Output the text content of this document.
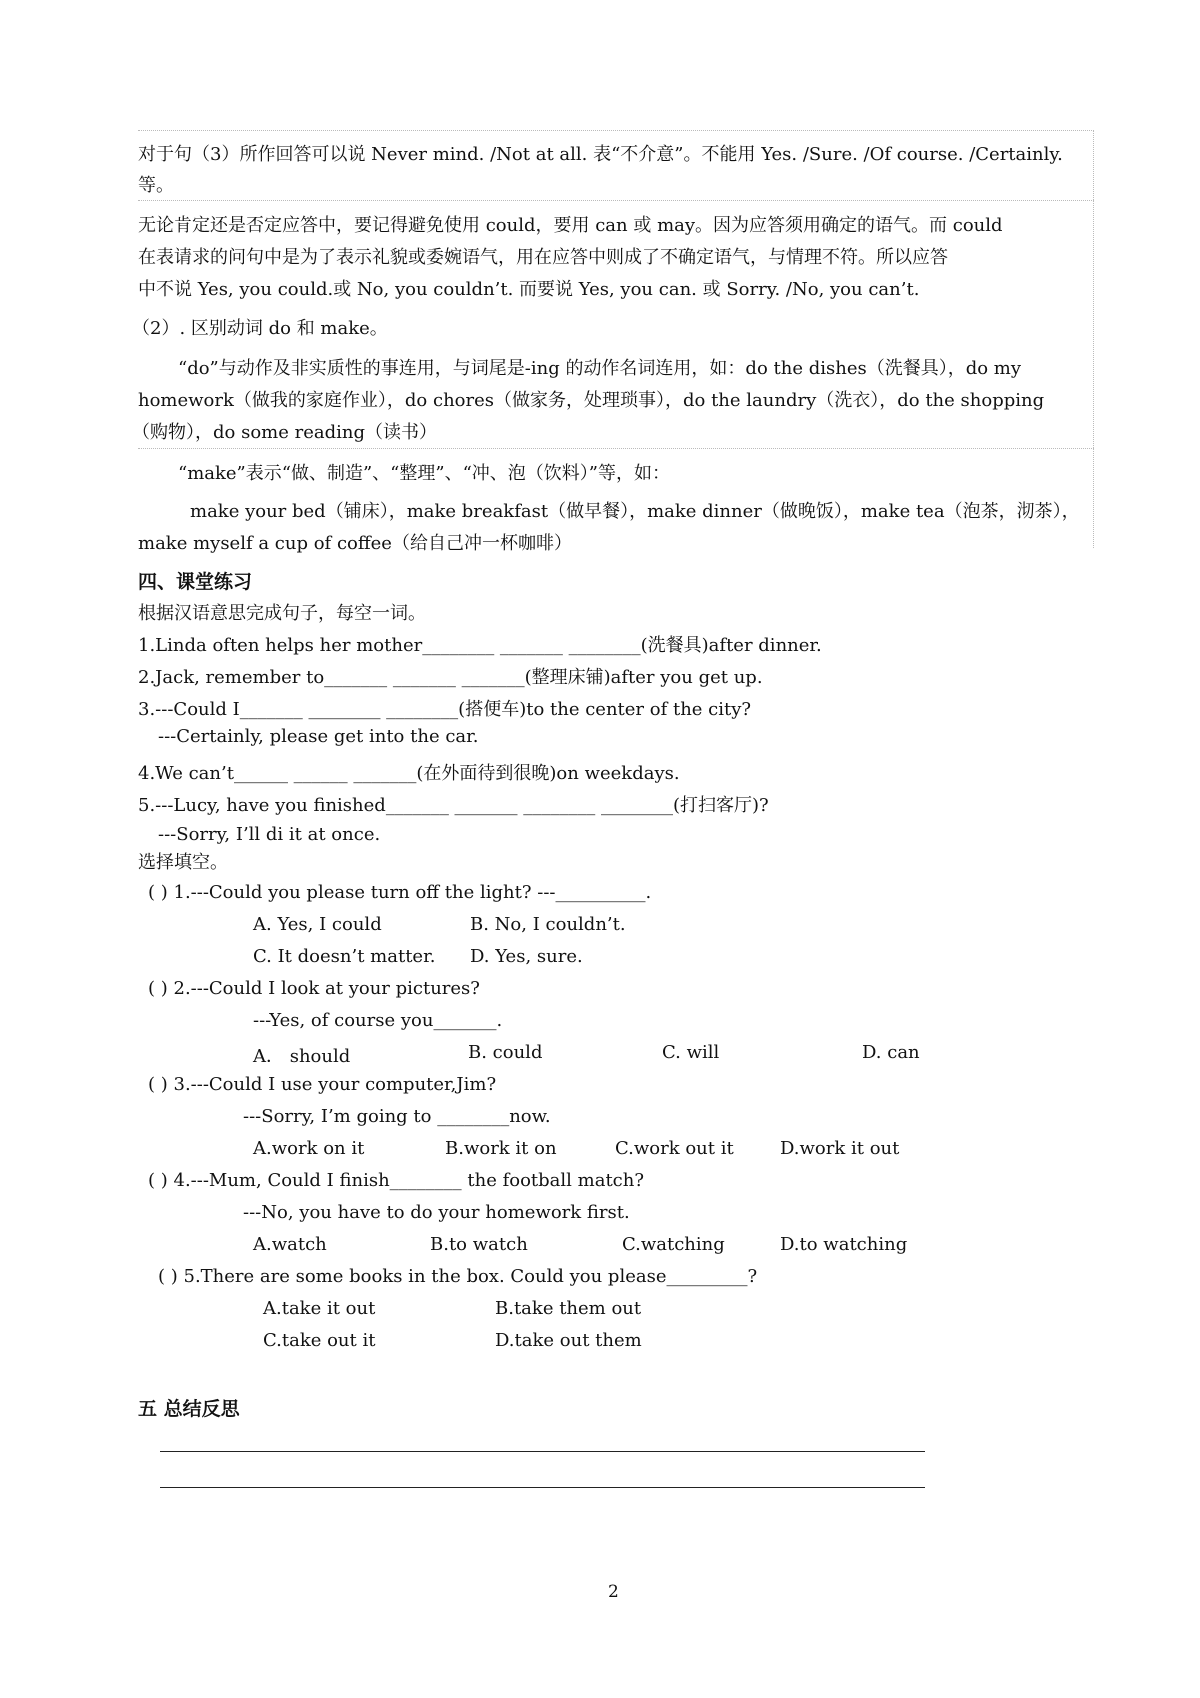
对于句（3）所作回答可以说 Never mind. /Not at all. 表“不介意”。不能用 Yes. /Sure. /Of course. /Certainly.
等。
无论肯定还是否定应答中，要记得避免使用 could，要用 can 或 may。因为应答须用确定的语气。而 could
在表请求的问句中是为了表示礼貌或委婉语气，用在应答中则成了不确定语气，与情理不符。所以应答
中不说 Yes, you could.或 No, you couldn’t. 而要说 Yes, you can. 或 Sorry. /No, you can’t.
（2）. 区别动词 do 和 make。
“do”与动作及非实质性的事连用，与词尾是-ing 的动作名词连用，如：do the dishes（洗餐具），do my
homework（做我的家庭作业），do chores（做家务，处理琐事），do the laundry（洗衣），do the shopping
（购物），do some reading（读书）
“make”表示“做、制造”、“整理”、“冲、泡（饮料）”等，如：
make your bed（铺床），make breakfast（做早餐），make dinner（做晚饭），make tea（泡茶，沏茶），
make myself a cup of coffee（给自己冲一杯咖啡）
四、课堂练习
根据汉语意思完成句子，每空一词。
1.Linda often helps her mother________ _______ ________(洗餐具)after dinner.
2.Jack, remember to_______ _______ _______(整理床铺)after you get up.
3.---Could I_______ ________ ________(搭便车)to the center of the city?
---Certainly, please get into the car.
4.We can’t______ ______ _______(在外面待到很晚)on weekdays.
5.---Lucy, have you finished_______ _______ ________ ________(打扫客厅)?
---Sorry, I’ll di it at once.
选择填空。
( ) 1.---Could you please turn off the light? ---__________.
A. Yes, I could	B. No, I couldn’t.
C. It doesn’t matter. D. Yes, sure.
( ) 2.---Could I look at your pictures?
---Yes, of course you_______.
A． should	B. could	C. will	D. can
( ) 3.---Could I use your computer,Jim?
---Sorry, I’m going to ________now.
A.work on it	B.work it on	C.work out it	D.work it out
( ) 4.---Mum, Could I finish________ the football match?
---No, you have to do your homework first.
A.watch	B.to watch	C.watching	D.to watching
( ) 5.There are some books in the box. Could you please_________?
A.take it out	B.take them out
C.take out it	D.take out them
五 总结反思
2
